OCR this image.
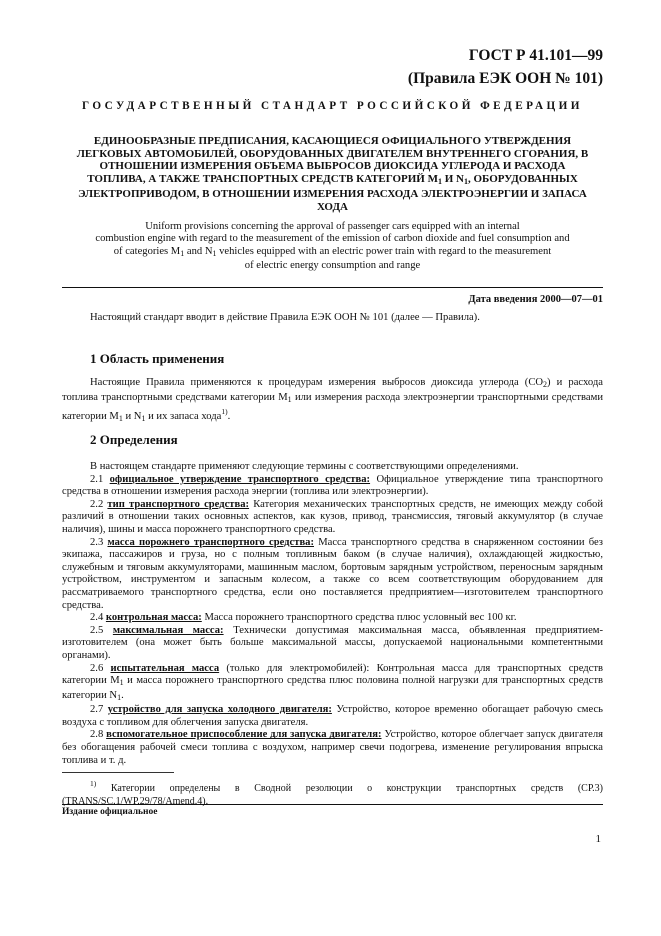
ГОСТ Р 41.101—99
(Правила ЕЭК ООН № 101)
ГОСУДАРСТВЕННЫЙ СТАНДАРТ РОССИЙСКОЙ ФЕДЕРАЦИИ
ЕДИНООБРАЗНЫЕ ПРЕДПИСАНИЯ, КАСАЮЩИЕСЯ ОФИЦИАЛЬНОГО УТВЕРЖДЕНИЯ ЛЕГКОВЫХ АВТОМОБИЛЕЙ, ОБОРУДОВАННЫХ ДВИГАТЕЛЕМ ВНУТРЕННЕГО СГОРАНИЯ, В ОТНОШЕНИИ ИЗМЕРЕНИЯ ОБЪЕМА ВЫБРОСОВ ДИОКСИДА УГЛЕРОДА И РАСХОДА ТОПЛИВА, А ТАКЖЕ ТРАНСПОРТНЫХ СРЕДСТВ КАТЕГОРИЙ $M_1$ И $N_1$, ОБОРУДОВАННЫХ ЭЛЕКТРОПРИВОДОМ, В ОТНОШЕНИИ ИЗМЕРЕНИЯ РАСХОДА ЭЛЕКТРОЭНЕРГИИ И ЗАПАСА ХОДА
Uniform provisions concerning the approval of passenger cars equipped with an internal
combustion engine with regard to the measurement of the emission of carbon dioxide and fuel consumption and
of categories $M_1$ and $N_1$ vehicles equipped with an electric power train with regard to the measurement
of electric energy consumption and range
Дата введения 2000—07—01

Настоящий стандарт вводит в действие Правила ЕЭК ООН № 101 (далее — Правила).

1 Область применения

Настоящие Правила применяются к процедурам измерения выбросов диоксида углерода $(CO_2)$ и расхода топлива транспортными средствами категории $M_1$ или измерения расхода электроэнергии транспортными средствами категории $M_1$ и $N_1$ и их запаса хода$^{1)}$.

2 Определения

В настоящем стандарте применяют следующие термины с соответствующими определениями.

2.1 официальное утверждение транспортного средства: Официальное утверждение типа транспортного средства в отношении измерения расхода энергии (топлива или электроэнергии).

2.2 тип транспортного средства: Категория механических транспортных средств, не имеющих между собой различий в отношении таких основных аспектов, как кузов, привод, трансмиссия, тяговый аккумулятор (в случае наличия), шины и масса порожнего транспортного средства.

2.3 масса порожнего транспортного средства: Масса транспортного средства в снаряженном состоянии без экипажа, пассажиров и груза, но с полным топливным баком (в случае наличия), охлаждающей жидкостью, служебным и тяговым аккумуляторами, машинным маслом, бортовым зарядным устройством, переносным зарядным устройством, инструментом и запасным колесом, а также со всем соответствующим оборудованием для рассматриваемого транспортного средства, если оно поставляется предприятием—изготовителем транспортного средства.

2.4 контрольная масса: Масса порожнего транспортного средства плюс условный вес 100 кг.

2.5 максимальная масса: Технически допустимая максимальная масса, объявленная предприятием-изготовителем (она может быть больше максимальной массы, допускаемой национальными компетентными органами).

2.6 испытательная масса (только для электромобилей): Контрольная масса для транспортных средств категории $M_1$ и масса порожнего транспортного средства плюс половина полной нагрузки для транспортных средств категории $N_1$.

2.7 устройство для запуска холодного двигателя: Устройство, которое временно обогащает рабочую смесь воздуха с топливом для облегчения запуска двигателя.

2.8 вспомогательное приспособление для запуска двигателя: Устройство, которое облегчает запуск двигателя без обогащения рабочей смеси топлива с воздухом, например свечи подогрева, изменение регулирования впрыска топлива и т. д.

$^{1)}$ Категории определены в Сводной резолюции о конструкции транспортных средств (СР.3) (TRANS/SC.1/WP.29/78/Amend.4).
Издание официальное
1
